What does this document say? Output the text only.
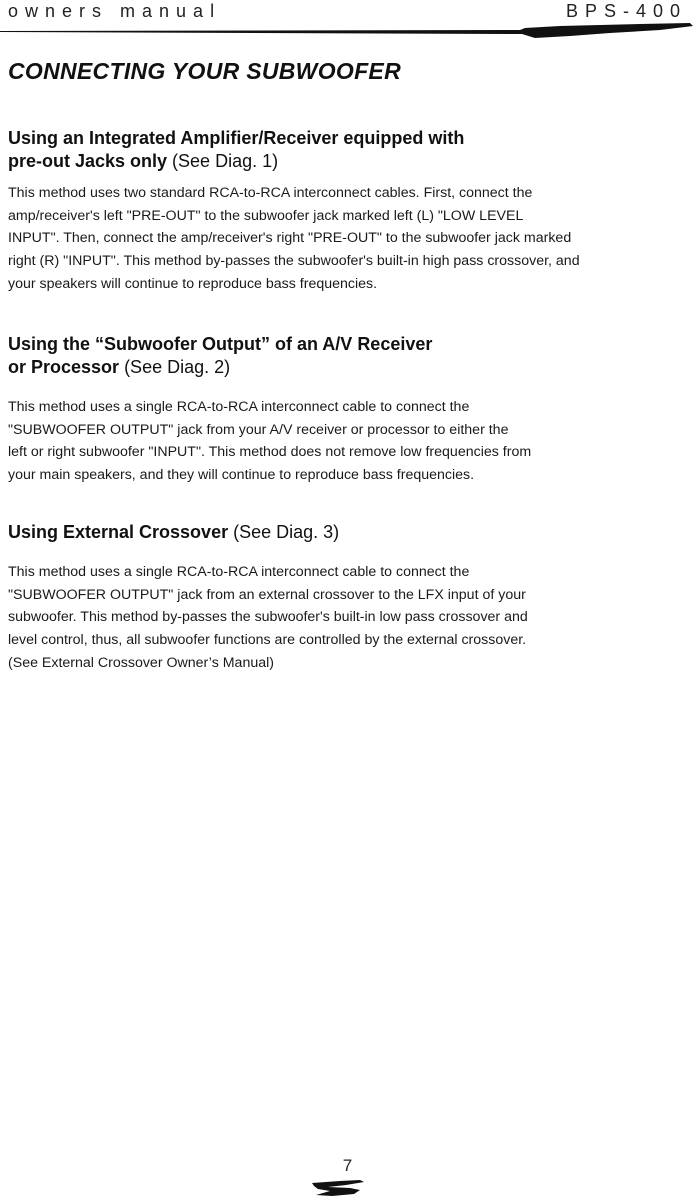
owners manual	BPS-400
CONNECTING YOUR SUBWOOFER
Using an Integrated Amplifier/Receiver equipped with
pre-out Jacks only (See Diag. 1)

This method uses two standard RCA-to-RCA interconnect cables. First, connect the
amp/receiver's left "PRE-OUT" to the subwoofer jack marked left (L) "LOW LEVEL
INPUT". Then, connect the amp/receiver's right "PRE-OUT" to the subwoofer jack marked
right (R) "INPUT". This method by-passes the subwoofer's built-in high pass crossover, and
your speakers will continue to reproduce bass frequencies.

Using the “Subwoofer Output” of an A/V Receiver
or Processor (See Diag. 2)

This method uses a single RCA-to-RCA interconnect cable to connect the
"SUBWOOFER OUTPUT" jack from your A/V receiver or processor to either the
left or right subwoofer "INPUT". This method does not remove low frequencies from
your main speakers, and they will continue to reproduce bass frequencies.

Using External Crossover (See Diag. 3)

This method uses a single RCA-to-RCA interconnect cable to connect the
"SUBWOOFER OUTPUT" jack from an external crossover to the LFX input of your
subwoofer. This method by-passes the subwoofer's built-in low pass crossover and
level control, thus, all subwoofer functions are controlled by the external crossover.
(See External Crossover Owner’s Manual)

7
